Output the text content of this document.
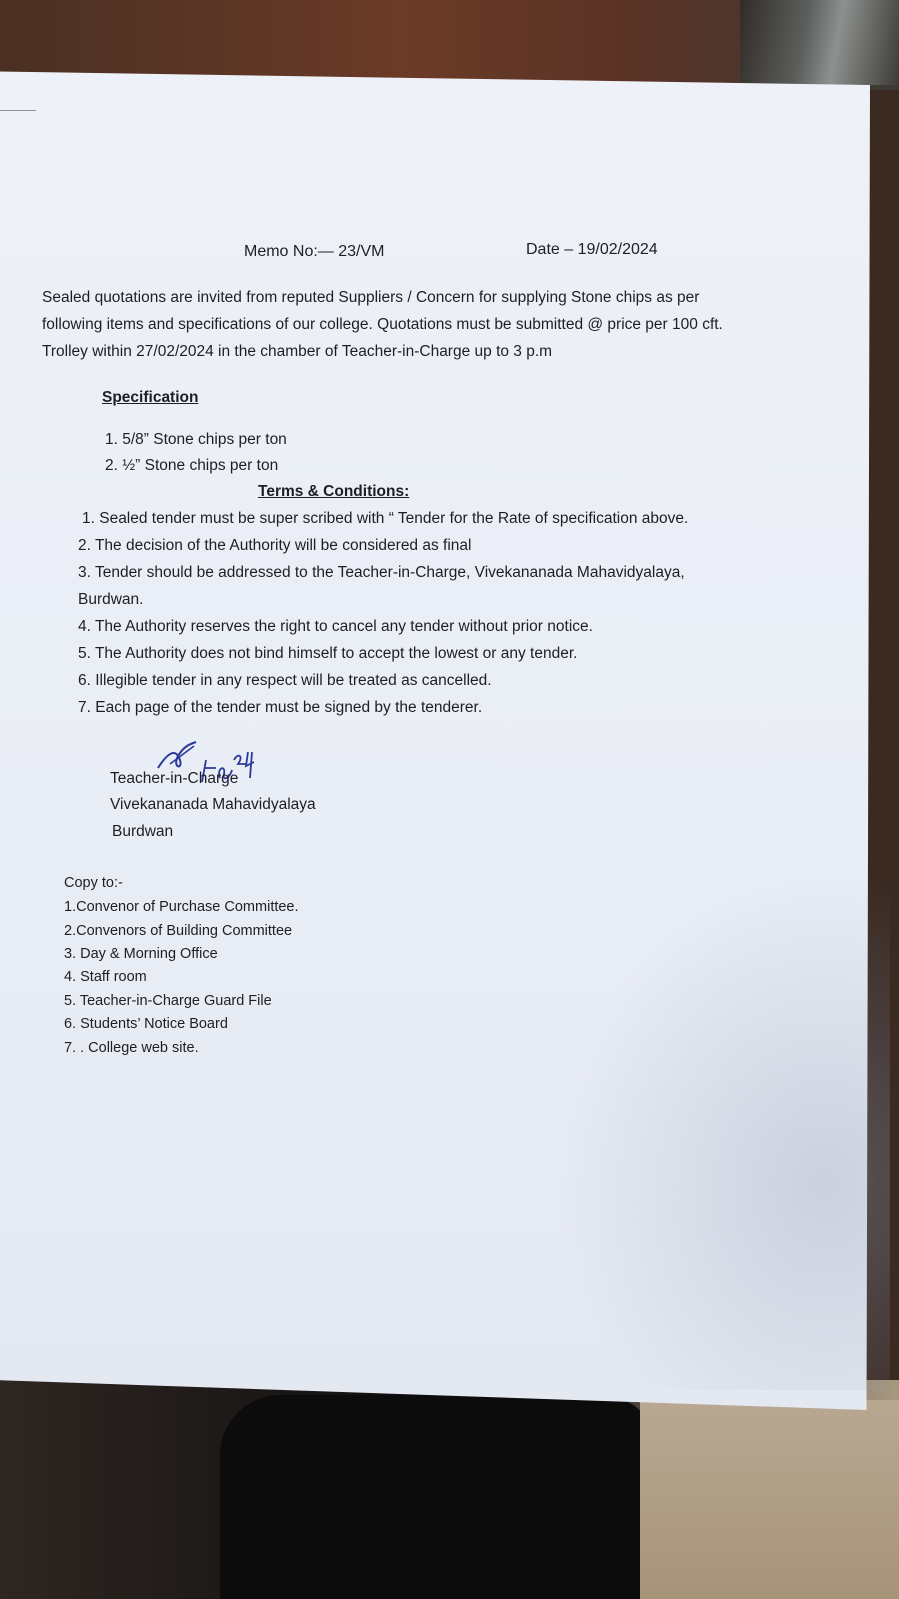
Memo No:— 23/VM	Date – 19/02/2024
Sealed quotations are invited from reputed Suppliers / Concern for supplying Stone chips as per
following items and specifications of our college. Quotations must be submitted @ price per 100 cft.
Trolley within 27/02/2024 in the chamber of Teacher-in-Charge up to 3 p.m
Specification
1. 5/8” Stone chips per ton
2. ½” Stone chips per ton
Terms & Conditions:
1. Sealed tender must be super scribed with “ Tender for the Rate of specification above.
2. The decision of the Authority will be considered as final
3. Tender should be addressed to the Teacher-in-Charge, Vivekananada Mahavidyalaya,
Burdwan.
4. The Authority reserves the right to cancel any tender without prior notice.
5. The Authority does not bind himself to accept the lowest or any tender.
6. Illegible tender in any respect will be treated as cancelled.
7. Each page of the tender must be signed by the tenderer.
Teacher-in-Charge
Vivekananada Mahavidyalaya
Burdwan
Copy to:-
1.Convenor of Purchase Committee.
2.Convenors of Building Committee
3. Day & Morning Office
4. Staff room
5. Teacher-in-Charge Guard File
6. Students’ Notice Board
7. . College web site.
